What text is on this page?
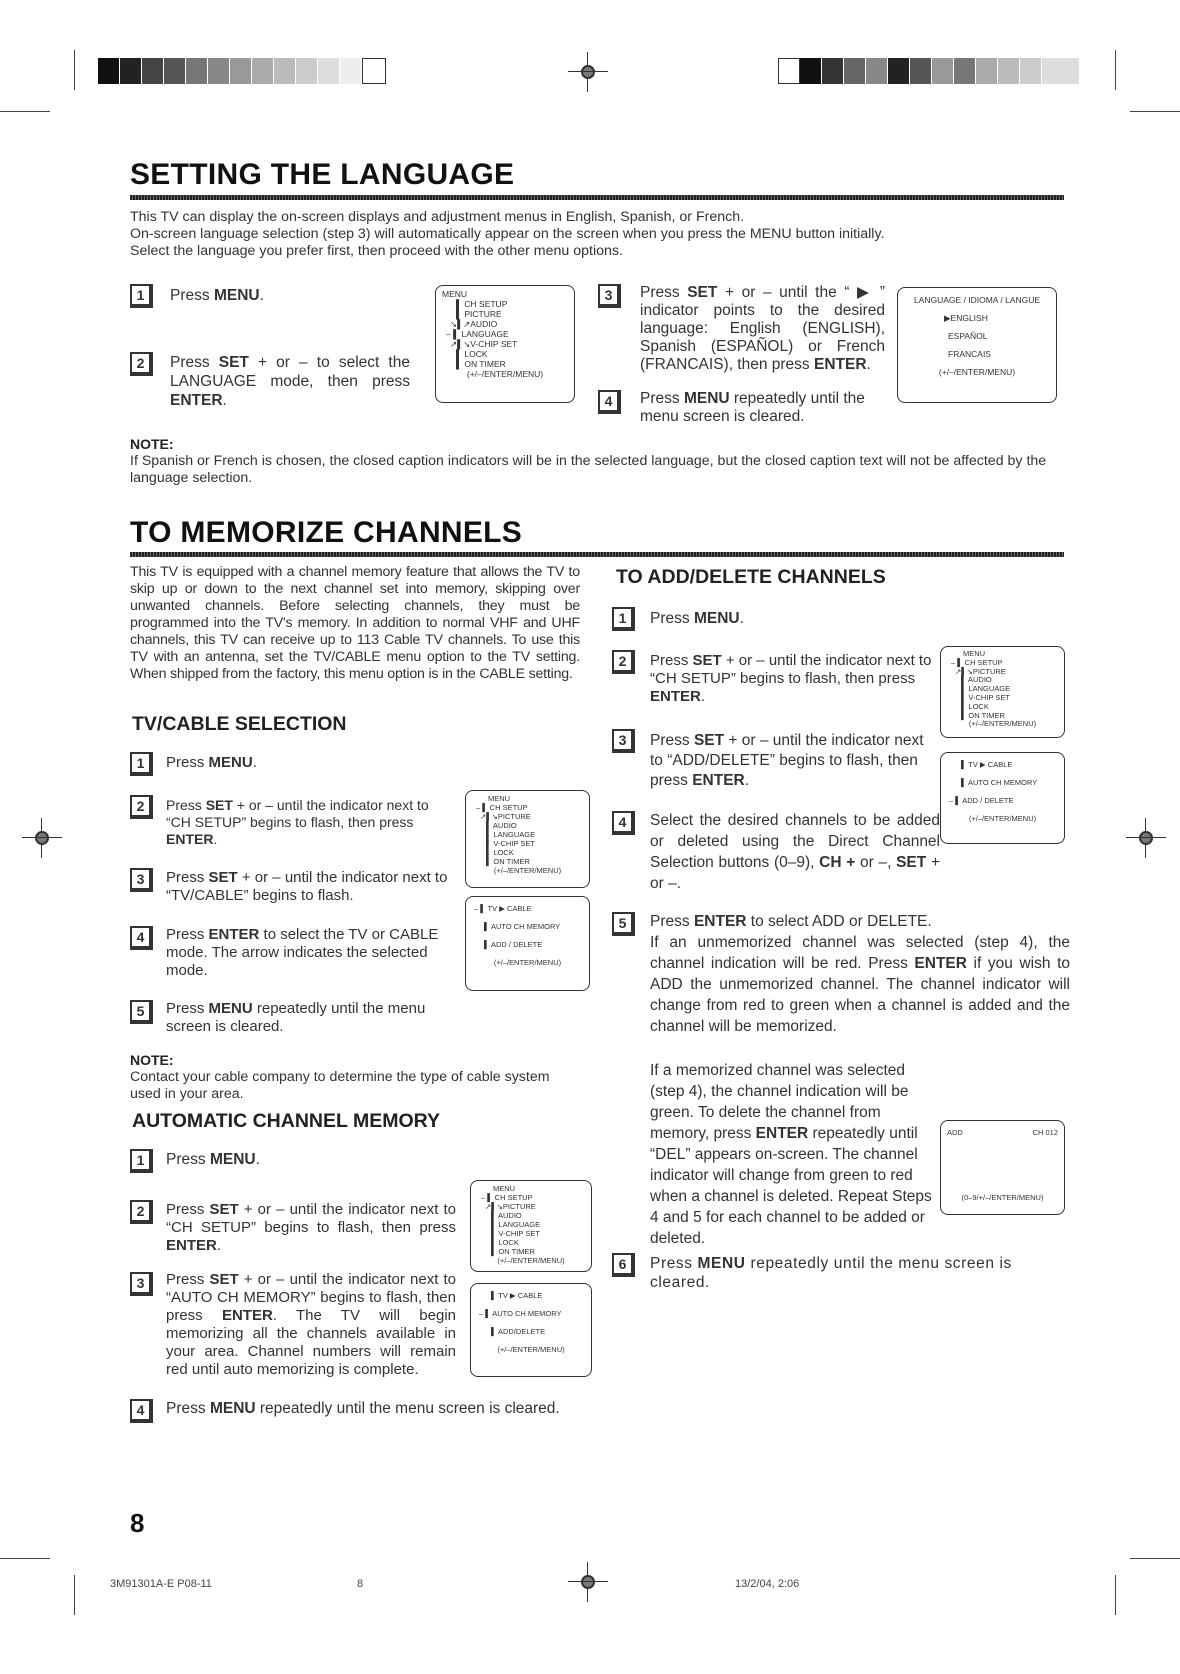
SETTING THE LANGUAGE
This TV can display the on-screen displays and adjustment menus in English, Spanish, or French.
On-screen language selection (step 3) will automatically appear on the screen when you press the MENU button initially.
Select the language you prefer first, then proceed with the other menu options.
1	Press MENU.
2	Press SET + or – to select the LANGUAGE mode, then press ENTER.
MENU
▌ CH SETUP
▌ PICTURE
↘▌↗AUDIO
– ▌ LANGUAGE
↗▌↘V-CHIP SET
▌ LOCK
▌ ON TIMER
(+/–/ENTER/MENU)
3	Press SET + or – until the “ ▶ ” indicator points to the desired language: English (ENGLISH), Spanish (ESPAÑOL) or French (FRANCAIS), then press ENTER.
4	Press MENU repeatedly until the menu screen is cleared.
LANGUAGE / IDIOMA / LANGUE
▶ENGLISH
ESPAÑOL
FRANCAIS
(+/–/ENTER/MENU)
NOTE:
If Spanish or French is chosen, the closed caption indicators will be in the selected language, but the closed caption text will not be affected by the language selection.
TO MEMORIZE CHANNELS
This TV is equipped with a channel memory feature that allows the TV to skip up or down to the next channel set into memory, skipping over unwanted channels. Before selecting channels, they must be programmed into the TV's memory. In addition to normal VHF and UHF channels, this TV can receive up to 113 Cable TV channels. To use this TV with an antenna, set the TV/CABLE menu option to the TV setting. When shipped from the factory, this menu option is in the CABLE setting.
TV/CABLE SELECTION
1	Press MENU.
2	Press SET + or – until the indicator next to “CH SETUP” begins to flash, then press ENTER.
3	Press SET + or – until the indicator next to “TV/CABLE” begins to flash.
4	Press ENTER to select the TV or CABLE mode. The arrow indicates the selected mode.
5	Press MENU repeatedly until the menu screen is cleared.
MENU
– ▌ CH SETUP
↗▌↘PICTURE
▌ AUDIO
▌ LANGUAGE
▌ V-CHIP SET
▌ LOCK
▌ ON TIMER
(+/–/ENTER/MENU)
– ▌ TV ▶ CABLE
▌ AUTO CH MEMORY
▌ ADD / DELETE
(+/–/ENTER/MENU)
NOTE:
Contact your cable company to determine the type of cable system used in your area.
AUTOMATIC CHANNEL MEMORY
1	Press MENU.
2	Press SET + or – until the indicator next to “CH SETUP” begins to flash, then press ENTER.
3	Press SET + or – until the indicator next to “AUTO CH MEMORY” begins to flash, then press ENTER. The TV will begin memorizing all the channels available in your area. Channel numbers will remain red until auto memorizing is complete.
4	Press MENU repeatedly until the menu screen is cleared.
MENU
– ▌ CH SETUP
↗▌↘PICTURE
▌ AUDIO
▌ LANGUAGE
▌ V-CHIP SET
▌ LOCK
▌ ON TIMER
(+/–/ENTER/MENU)
▌ TV ▶ CABLE
– ▌ AUTO CH MEMORY
▌ ADD/DELETE
(+/–/ENTER/MENU)
TO ADD/DELETE CHANNELS
1	Press MENU.
2	Press SET + or – until the indicator next to “CH SETUP” begins to flash, then press ENTER.
3	Press SET + or – until the indicator next to “ADD/DELETE” begins to flash, then press ENTER.
4	Select the desired channels to be added or deleted using the Direct Channel Selection buttons (0–9), CH + or –, SET + or –.
5	Press ENTER to select ADD or DELETE.
If an unmemorized channel was selected (step 4), the channel indication will be red. Press ENTER if you wish to ADD the unmemorized channel. The channel indicator will change from red to green when a channel is added and the channel will be memorized.
If a memorized channel was selected (step 4), the channel indication will be green. To delete the channel from memory, press ENTER repeatedly until “DEL” appears on-screen. The channel indicator will change from green to red when a channel is deleted. Repeat Steps 4 and 5 for each channel to be added or deleted.
6	Press MENU repeatedly until the menu screen is cleared.
MENU
– ▌ CH SETUP
↗▌↘PICTURE
▌ AUDIO
▌ LANGUAGE
▌ V-CHIP SET
▌ LOCK
▌ ON TIMER
(+/–/ENTER/MENU)
▌ TV ▶ CABLE
▌ AUTO CH MEMORY
– ▌ ADD / DELETE
(+/–/ENTER/MENU)
ADD	CH 012
(0–9/+/–/ENTER/MENU)
8
3M91301A-E P08-11	8	13/2/04, 2:06
